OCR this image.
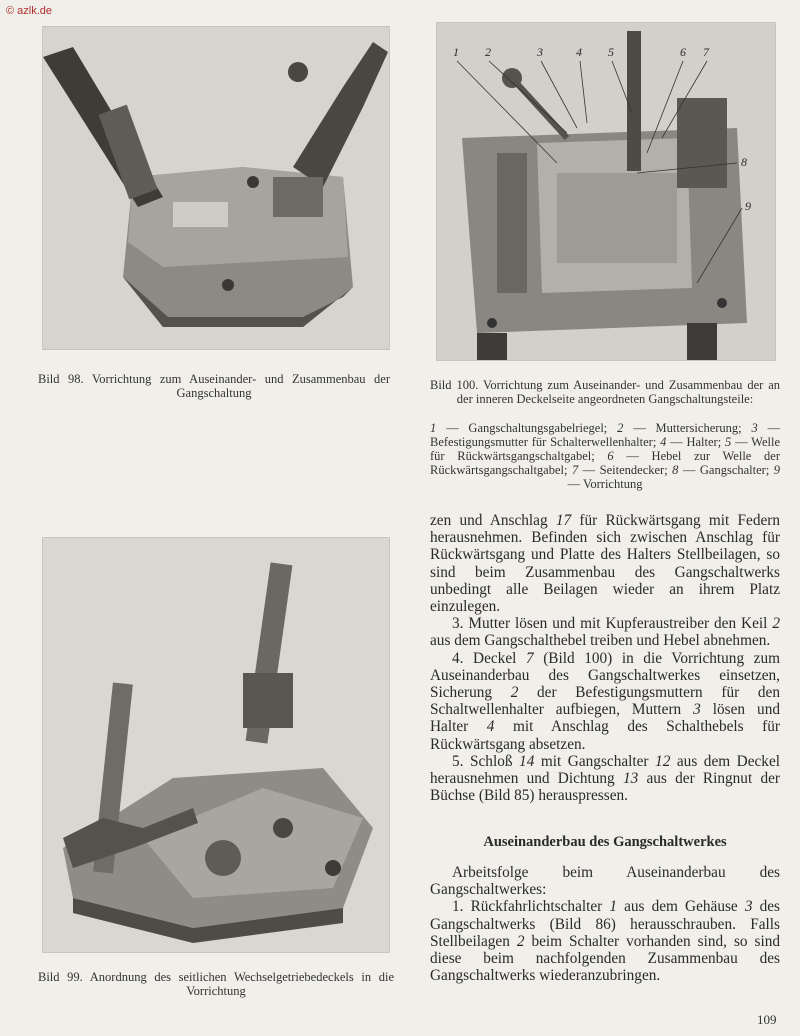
© azlk.de
Bild 98. Vorrichtung zum Auseinander- und Zusammenbau der Gangschaltung
1 2	3	4 5	6 7
8
9
Bild 100. Vorrichtung zum Auseinander- und Zusammenbau der an der inneren Deckelseite angeordneten Gangschaltungsteile:
1 — Gangschaltungsgabelriegel; 2 — Muttersicherung; 3 — Befestigungsmutter für Schalterwellenhalter; 4 — Halter; 5 — Welle für Rückwärtsgangschaltgabel; 6 — Hebel zur Welle der Rückwärtsgangschaltgabel; 7 — Seitendecker; 8 — Gangschalter; 9 — Vorrichtung
Bild 99. Anordnung des seitlichen Wechselgetriebedeckels in die Vorrichtung

zen und Anschlag 17 für Rückwärtsgang mit Federn herausnehmen. Befinden sich zwischen Anschlag für Rückwärtsgang und Platte des Halters Stellbeilagen, so sind beim Zusammenbau des Gangschaltwerks unbedingt alle Beilagen wieder an ihrem Platz einzulegen.

3. Mutter lösen und mit Kupferaustreiber den Keil 2 aus dem Gangschalthebel treiben und Hebel abnehmen.

4. Deckel 7 (Bild 100) in die Vorrichtung zum Auseinanderbau des Gangschaltwerkes einsetzen, Sicherung 2 der Befestigungsmuttern für den Schaltwellenhalter aufbiegen, Muttern 3 lösen und Halter 4 mit Anschlag des Schalthebels für Rückwärtsgang absetzen.

5. Schloß 14 mit Gangschalter 12 aus dem Deckel herausnehmen und Dichtung 13 aus der Ringnut der Büchse (Bild 85) herauspressen.

Auseinanderbau des Gangschaltwerkes

Arbeitsfolge beim Auseinanderbau des Gangschaltwerkes:

1. Rückfahrlichtschalter 1 aus dem Gehäuse 3 des Gangschaltwerks (Bild 86) herausschrauben. Falls Stellbeilagen 2 beim Schalter vorhanden sind, so sind diese beim nachfolgenden Zusammenbau des Gangschaltwerks wiederanzubringen.

109
